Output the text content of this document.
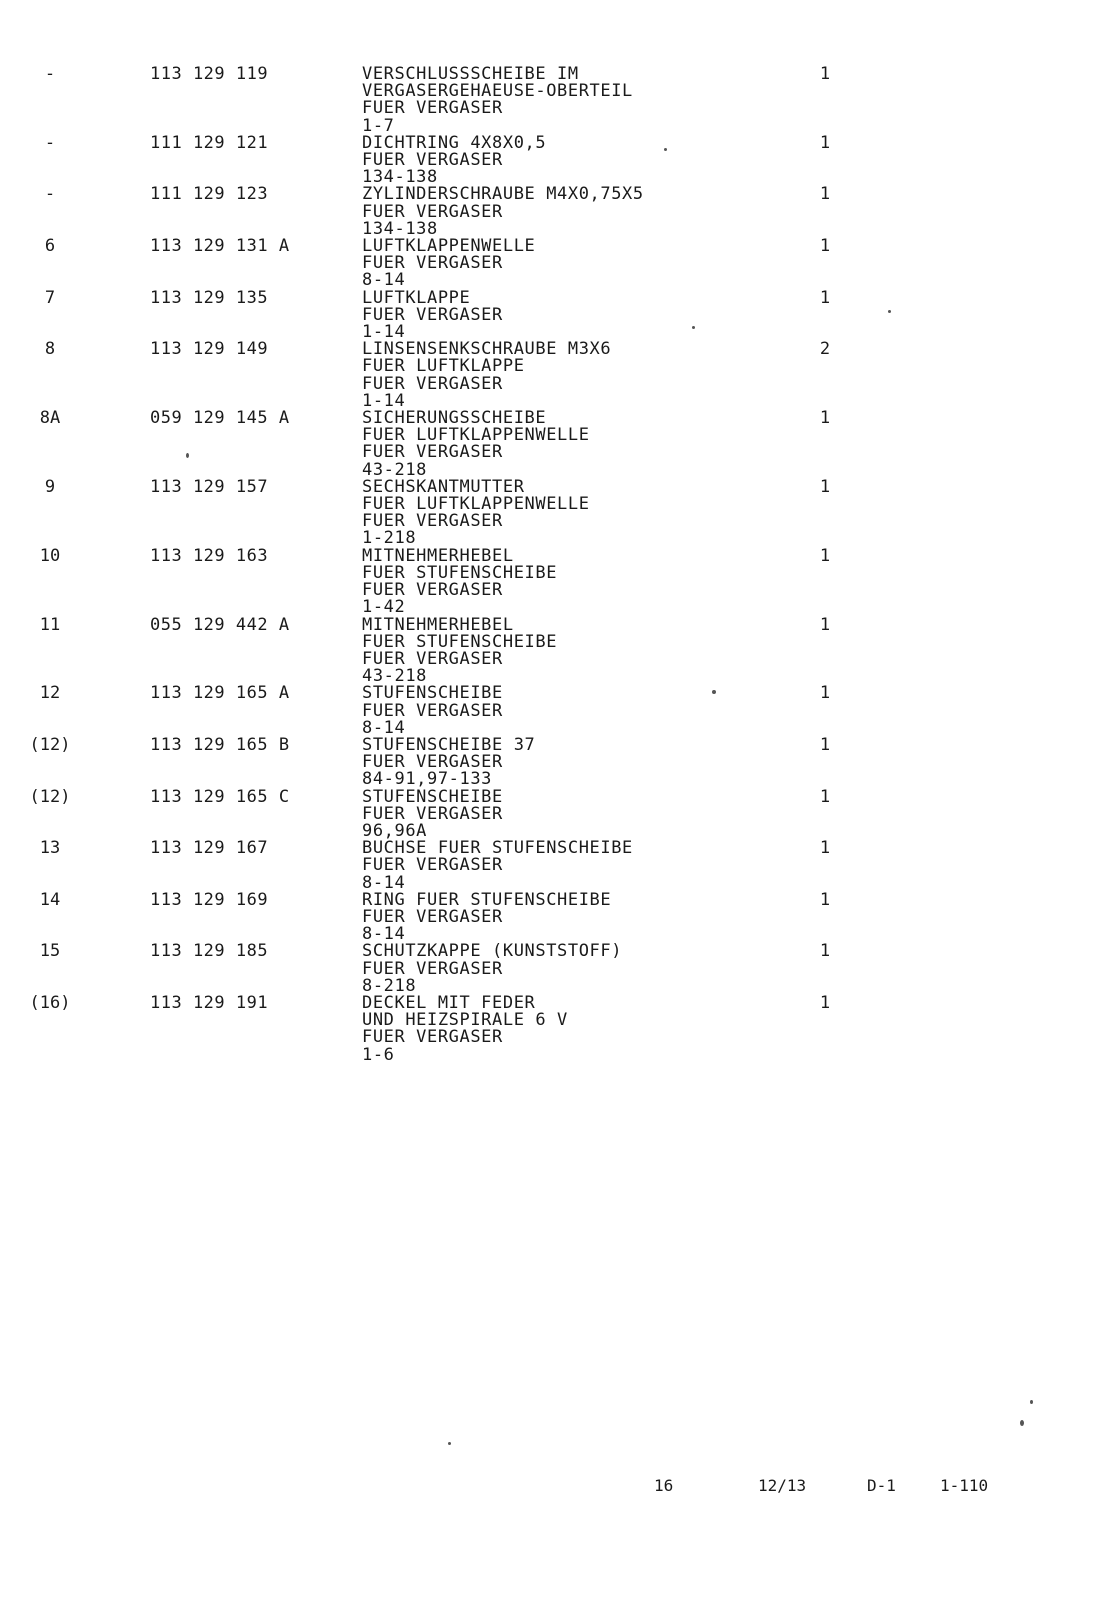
-	113 129 119	1
VERSCHLUSSSCHEIBE IM
VERGASERGEHAEUSE-OBERTEIL
FUER VERGASER
1-7
-	111 129 121	1
DICHTRING 4X8X0,5
FUER VERGASER
134-138
-	111 129 123	1
ZYLINDERSCHRAUBE M4X0,75X5
FUER VERGASER
134-138
6	113 129 131 A	1
LUFTKLAPPENWELLE
FUER VERGASER
8-14
7	113 129 135	1
LUFTKLAPPE
FUER VERGASER
1-14
8	113 129 149	2
LINSENSENKSCHRAUBE M3X6
FUER LUFTKLAPPE
FUER VERGASER
1-14
8A	059 129 145 A	1
SICHERUNGSSCHEIBE
FUER LUFTKLAPPENWELLE
FUER VERGASER
43-218
9	113 129 157	1
SECHSKANTMUTTER
FUER LUFTKLAPPENWELLE
FUER VERGASER
1-218
10	113 129 163	1
MITNEHMERHEBEL
FUER STUFENSCHEIBE
FUER VERGASER
1-42
11	055 129 442 A	1
MITNEHMERHEBEL
FUER STUFENSCHEIBE
FUER VERGASER
43-218
12	113 129 165 A	1
STUFENSCHEIBE
FUER VERGASER
8-14
(12)	113 129 165 B	1
STUFENSCHEIBE 37
FUER VERGASER
84-91,97-133
(12)	113 129 165 C	1
STUFENSCHEIBE
FUER VERGASER
96,96A
13	113 129 167	1
BUCHSE FUER STUFENSCHEIBE
FUER VERGASER
8-14
14	113 129 169	1
RING FUER STUFENSCHEIBE
FUER VERGASER
8-14
15	113 129 185	1
SCHUTZKAPPE (KUNSTSTOFF)
FUER VERGASER
8-218
(16)	113 129 191	1
DECKEL MIT FEDER
UND HEIZSPIRALE 6 V
FUER VERGASER
1-6
16	12/13	D-1	1-110
